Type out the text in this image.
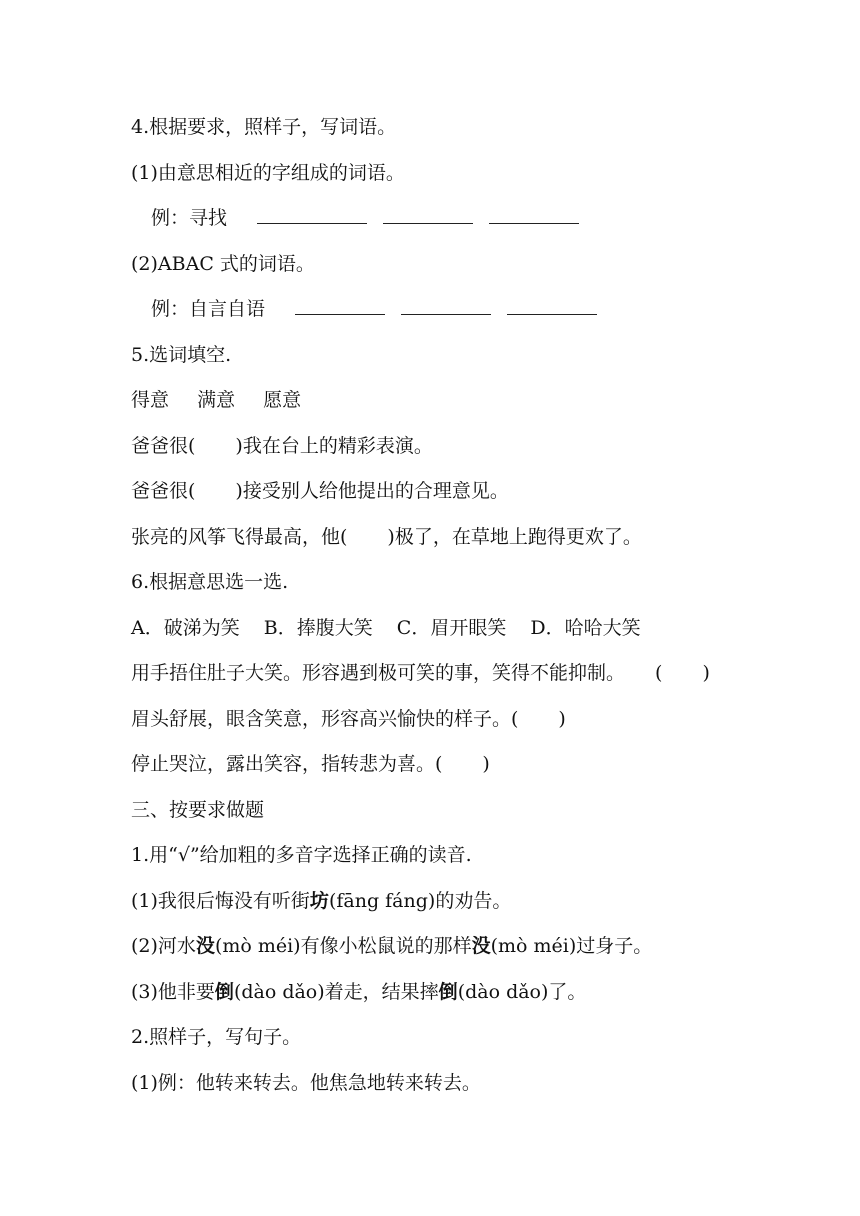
4.根据要求，照样子，写词语。
(1)由意思相近的字组成的词语。
例：寻找
(2)ABAC 式的词语。
例：自言自语
5.选词填空.
得意 满意 愿意
爸爸很( )我在台上的精彩表演。
爸爸很( )接受别人给他提出的合理意见。
张亮的风筝飞得最高，他( )极了，在草地上跑得更欢了。
6.根据意思选一选.
A．破涕为笑 B．捧腹大笑 C．眉开眼笑 D．哈哈大笑
用手捂住肚子大笑。形容遇到极可笑的事，笑得不能抑制。 ( )
眉头舒展，眼含笑意，形容高兴愉快的样子。( )
停止哭泣，露出笑容，指转悲为喜。( )
三、按要求做题
1.用“√”给加粗的多音字选择正确的读音.
(1)我很后悔没有听街坊(fāng fáng)的劝告。
(2)河水没(mò méi)有像小松鼠说的那样没(mò méi)过身子。
(3)他非要倒(dào dǎo)着走，结果摔倒(dào dǎo)了。
2.照样子，写句子。
(1)例：他转来转去。他焦急地转来转去。
